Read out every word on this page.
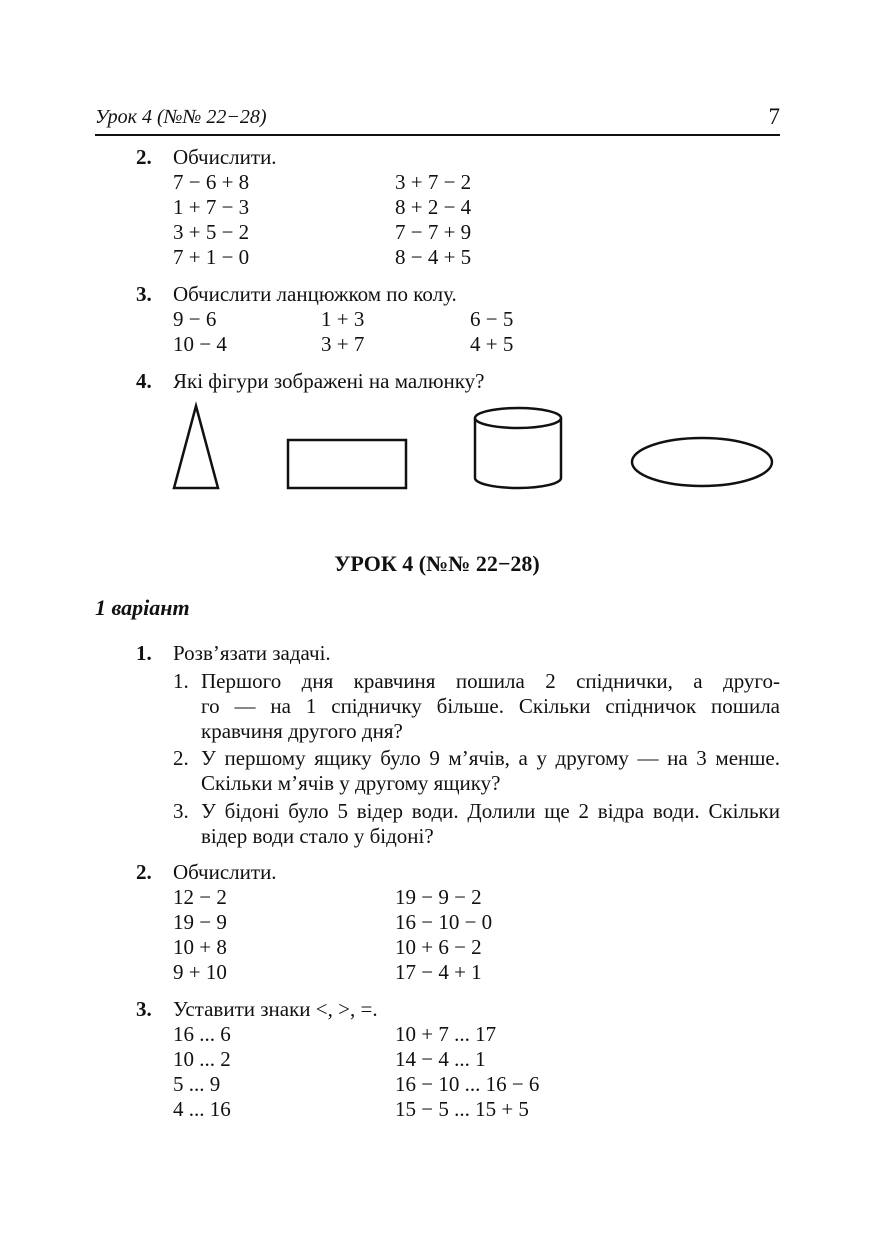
Урок 4 (№№ 22−28)	7
2. Обчислити.
7 − 6 + 8
1 + 7 − 3
3 + 5 − 2
7 + 1 − 0
3 + 7 − 2
8 + 2 − 4
7 − 7 + 9
8 − 4 + 5
3. Обчислити ланцюжком по колу.
9 − 6
10 − 4
1 + 3
3 + 7
6 − 5
4 + 5
4. Які фігури зображені на малюнку?
УРОК 4 (№№ 22−28)
1 варіант
1. Розв’язати задачі.
1. Першого дня кравчиня пошила 2 спіднички, а друго-
го — на 1 спідничку більше. Скільки спідничок пошила
кравчиня другого дня?
2. У першому ящику було 9 м’ячів, а у другому — на 3 менше.
Скільки м’ячів у другому ящику?
3. У бідоні було 5 відер води. Долили ще 2 відра води. Скільки
відер води стало у бідоні?
2. Обчислити.
12 − 2
19 − 9
10 + 8
9 + 10
19 − 9 − 2
16 − 10 − 0
10 + 6 − 2
17 − 4 + 1
3. Уставити знаки <, >, =.
16 ... 6
10 ... 2
5 ... 9
4 ... 16
10 + 7 ... 17
14 − 4 ... 1
16 − 10 ... 16 − 6
15 − 5 ... 15 + 5
